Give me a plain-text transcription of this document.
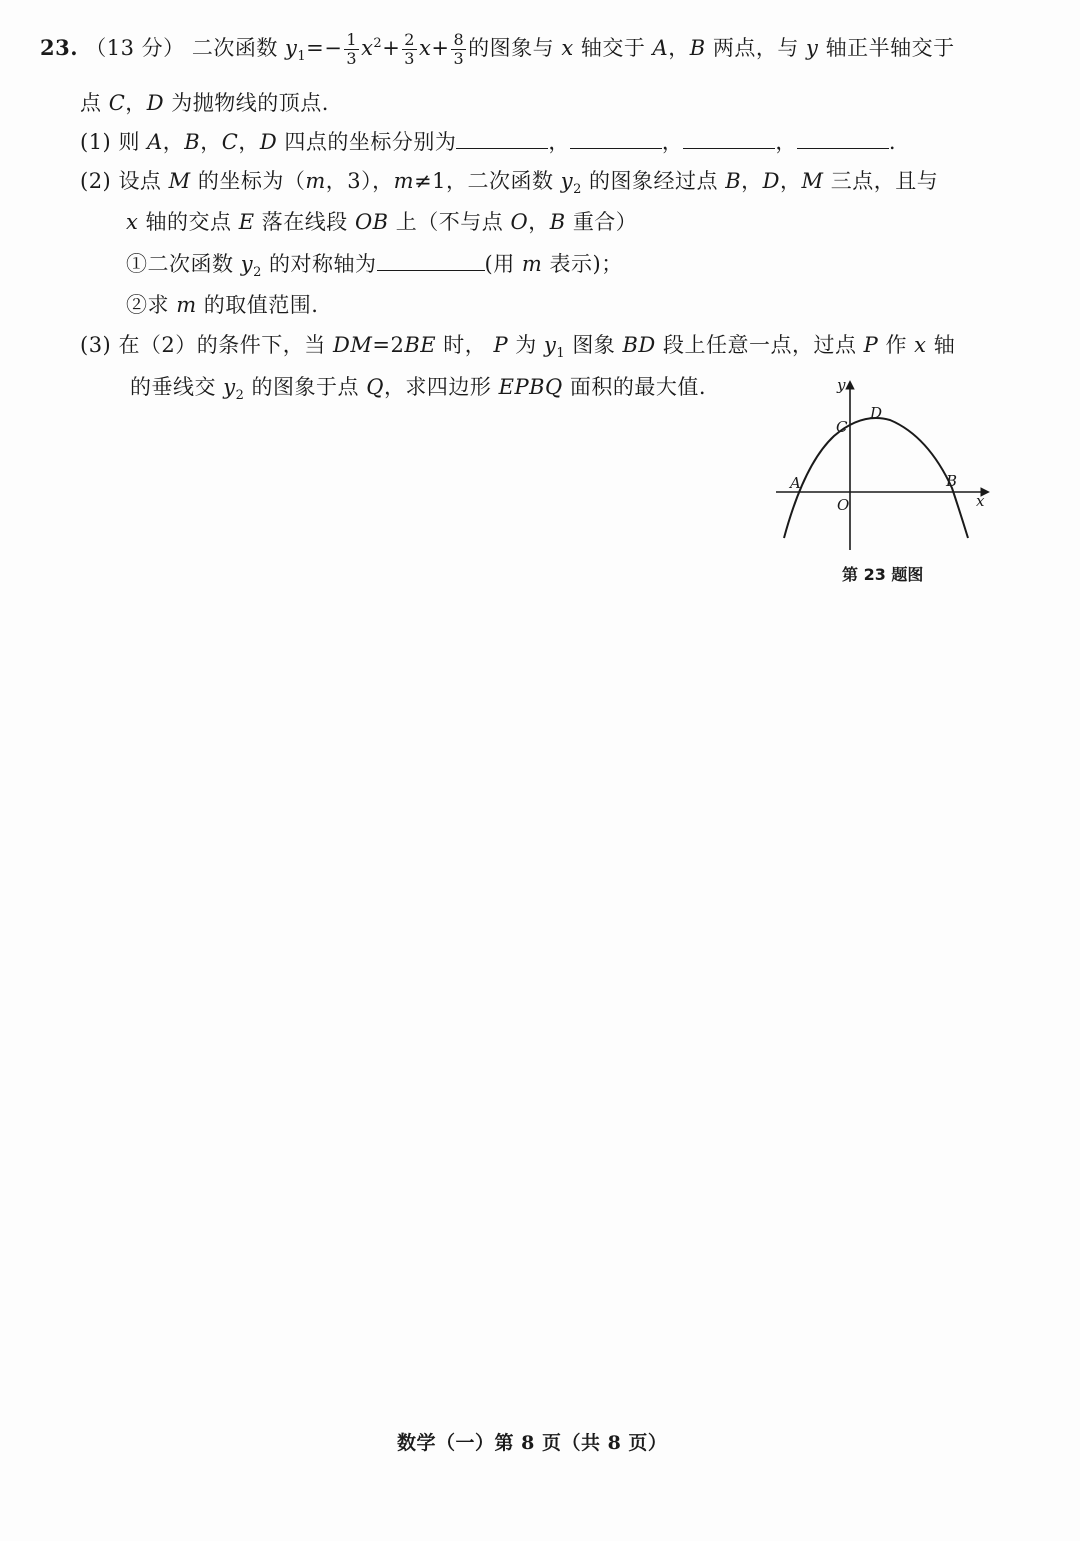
23. （13 分） 二次函数 $y_1=- \frac{1}{3} x^2+ \frac{2}{3} x+ \frac{8}{3}$ 的图象与 x 轴交于 A，B 两点，与 y 轴正半轴交于
点 C，D 为抛物线的顶点.
(1) 则 A，B，C，D 四点的坐标分别为	，	，	，	.
(2) 设点 M 的坐标为（m，3），m≠1，二次函数 $y_2$ 的图象经过点 B，D，M 三点，且与
x 轴的交点 E 落在线段 OB 上（不与点 O，B 重合）
①二次函数 $y_2$ 的对称轴为	(用 m 表示)；
②求 m 的取值范围.
(3) 在（2）的条件下，当 DM=2BE 时， P 为 $y_1$ 图象 BD 段上任意一点，过点 P 作 x 轴
的垂线交 $y_2$ 的图象于点 Q，求四边形 EPBQ 面积的最大值.	y
x
O
A	B
C
D
第 23 题图
数学（一）第 8 页（共 8 页）
